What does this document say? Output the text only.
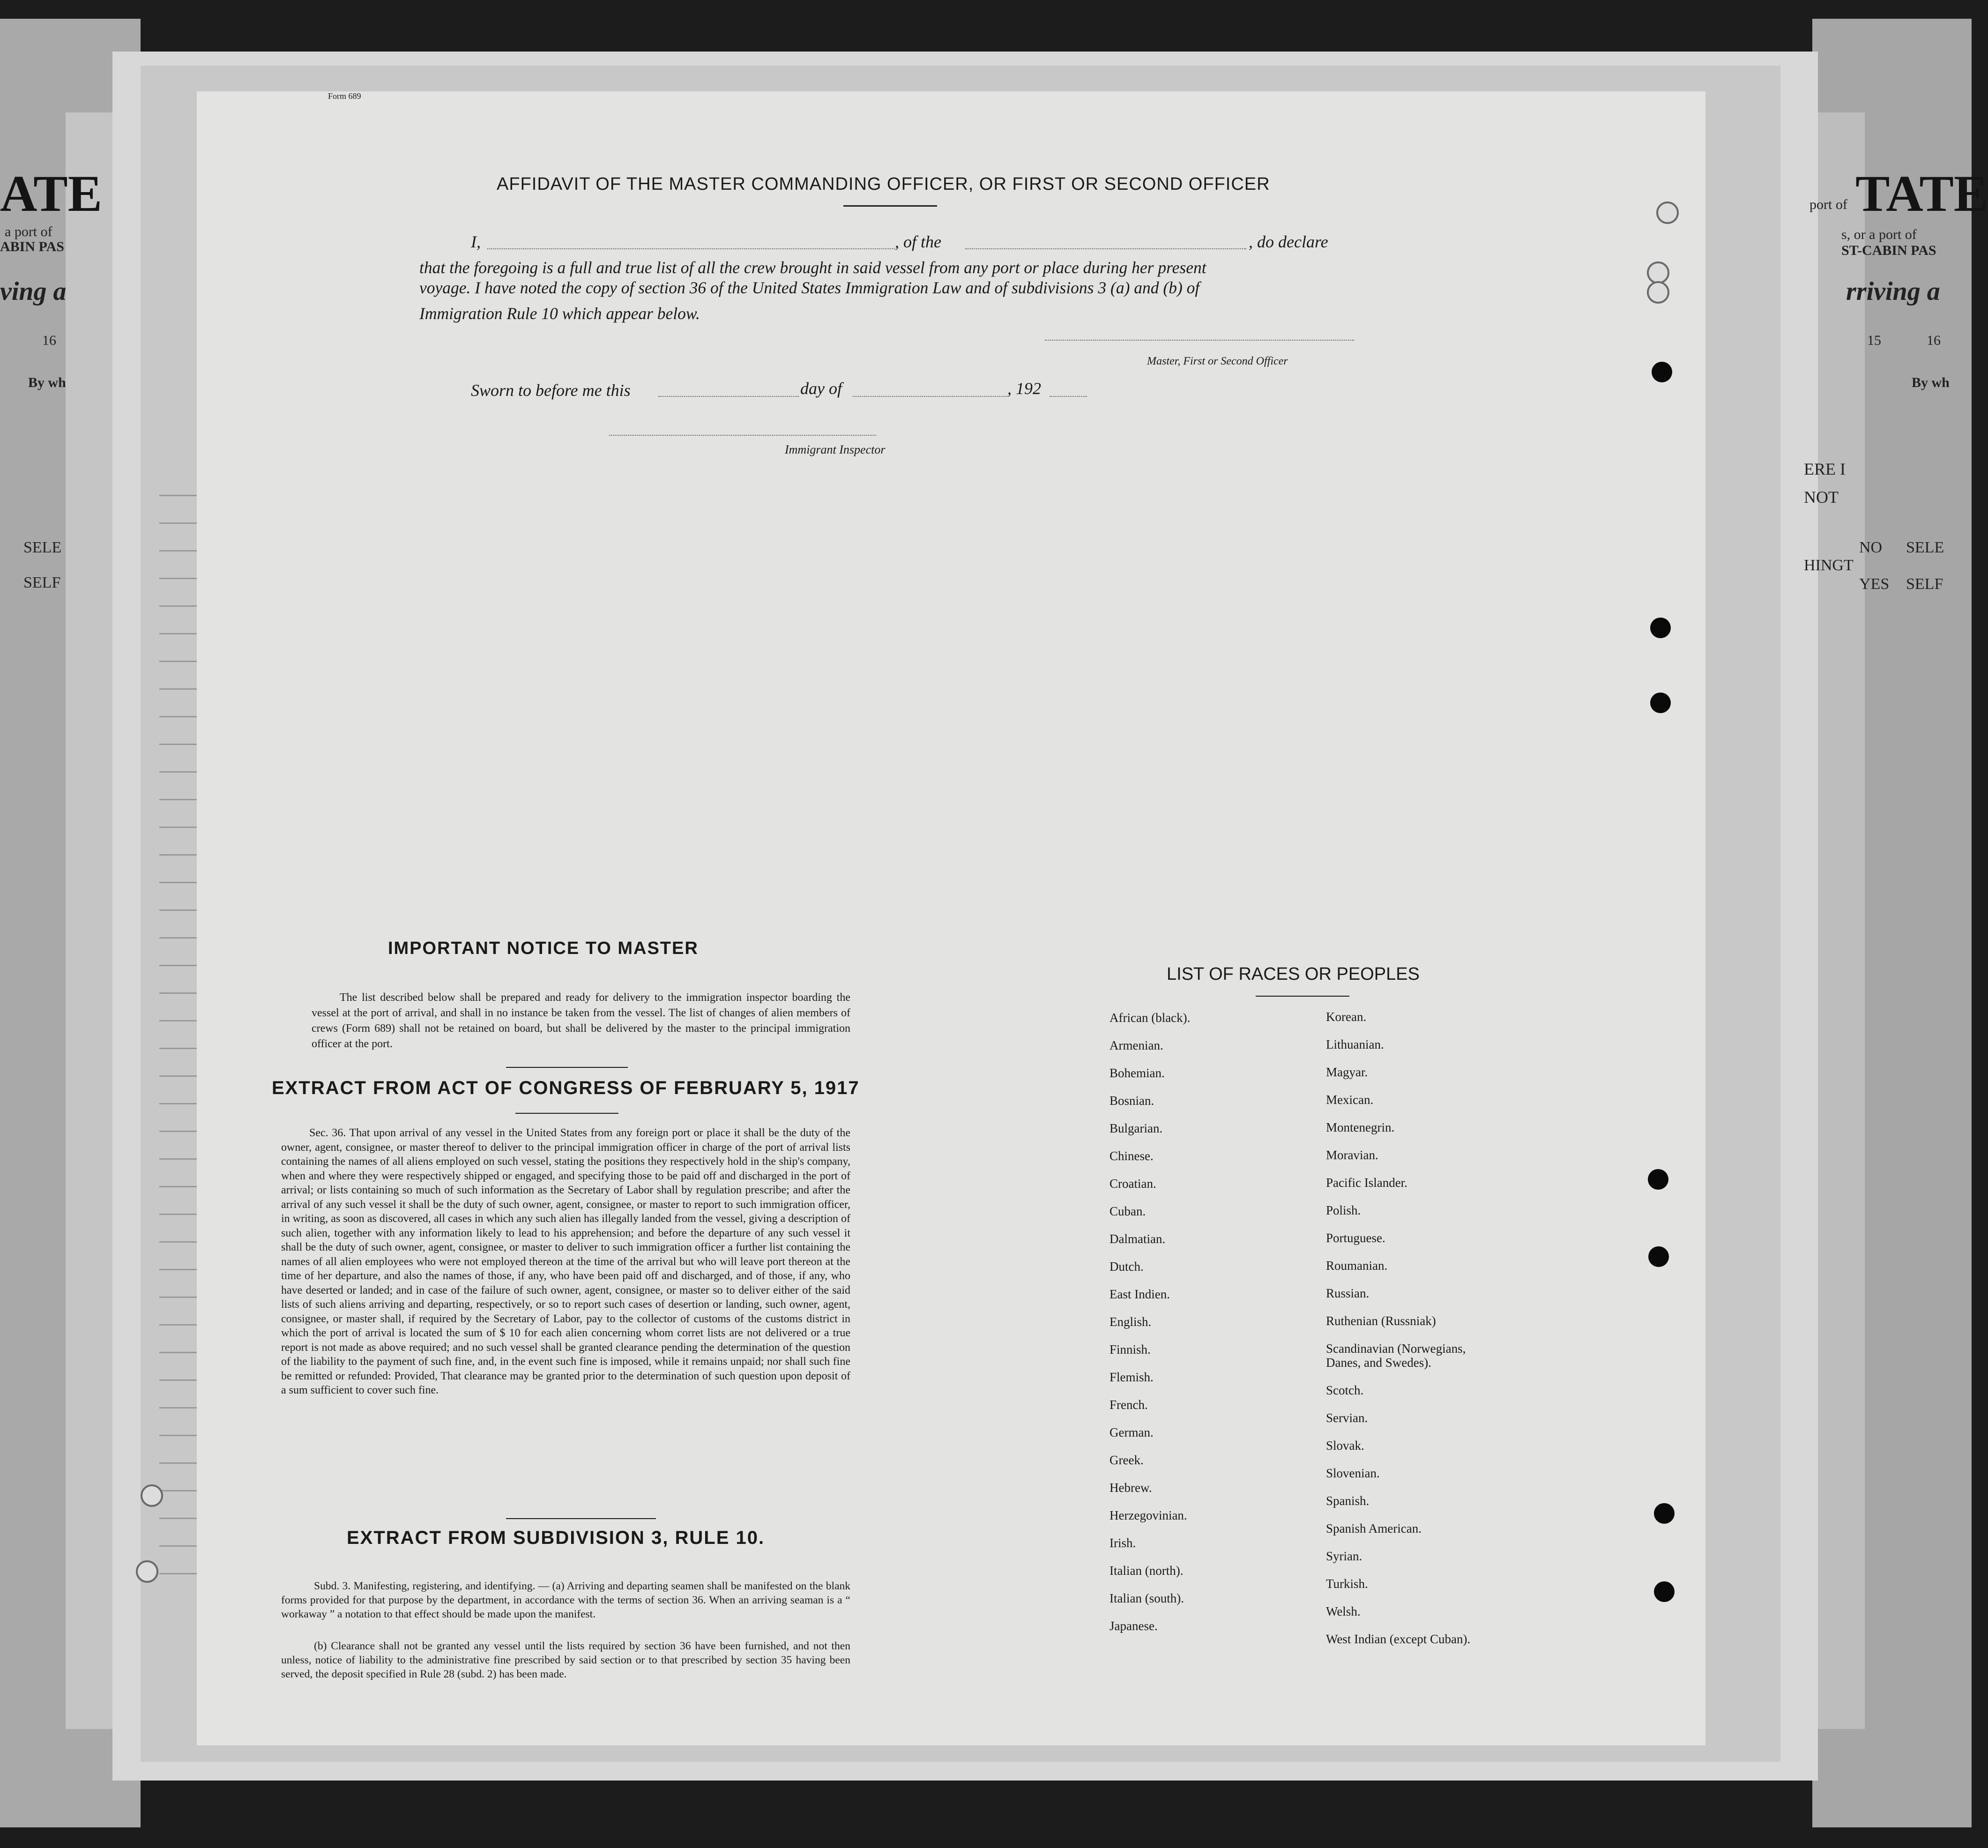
ATE
a port of
ABIN PAS
ving a
16
By wh
SELE
SELF
port of TATE
s, or a port of
ST-CABIN PAS
rriving a
15	16
By wh
ERE I
NOT
NO
YES
SELE
SELF
HINGT
Form 689
AFFIDAVIT OF THE MASTER COMMANDING OFFICER, OR FIRST OR SECOND OFFICER
I,	, of the	, do declare
that the foregoing is a full and true list of all the crew brought in said vessel from any port or place during her present
voyage. I have noted the copy of section 36 of the United States Immigration Law and of subdivisions 3 (a) and (b) of
Immigration Rule 10 which appear below.
Master, First or Second Officer
Sworn to before me this	day of	, 192
Immigrant Inspector
IMPORTANT NOTICE TO MASTER
The list described below shall be prepared and ready for delivery to the immigration inspector boarding the vessel at the port of arrival, and shall in no instance be taken from the vessel. The list of changes of alien members of crews (Form 689) shall not be retained on board, but shall be delivered by the master to the principal immigration officer at the port.
EXTRACT FROM ACT OF CONGRESS OF FEBRUARY 5, 1917
Sec. 36. That upon arrival of any vessel in the United States from any foreign port or place it shall be the duty of the owner, agent, consignee, or master thereof to deliver to the principal immigration officer in charge of the port of arrival lists containing the names of all aliens employed on such vessel, stating the positions they respectively hold in the ship's company, when and where they were respectively shipped or engaged, and specifying those to be paid off and discharged in the port of arrival; or lists containing so much of such information as the Secretary of Labor shall by regulation prescribe; and after the arrival of any such vessel it shall be the duty of such owner, agent, consignee, or master to report to such immigration officer, in writing, as soon as discovered, all cases in which any such alien has illegally landed from the vessel, giving a description of such alien, together with any information likely to lead to his apprehension; and before the departure of any such vessel it shall be the duty of such owner, agent, consignee, or master to deliver to such immigration officer a further list containing the names of all alien employees who were not employed thereon at the time of the arrival but who will leave port thereon at the time of her departure, and also the names of those, if any, who have been paid off and discharged, and of those, if any, who have deserted or landed; and in case of the failure of such owner, agent, consignee, or master so to deliver either of the said lists of such aliens arriving and departing, respectively, or so to report such cases of desertion or landing, such owner, agent, consignee, or master shall, if required by the Secretary of Labor, pay to the collector of customs of the customs district in which the port of arrival is located the sum of $ 10 for each alien concerning whom corret lists are not delivered or a true report is not made as above required; and no such vessel shall be granted clearance pending the determination of the question of the liability to the payment of such fine, and, in the event such fine is imposed, while it remains unpaid; nor shall such fine be remitted or refunded: Provided, That clearance may be granted prior to the determination of such question upon deposit of a sum sufficient to cover such fine.
EXTRACT FROM SUBDIVISION 3, RULE 10.
Subd. 3. Manifesting, registering, and identifying. — (a) Arriving and departing seamen shall be manifested on the blank forms provided for that purpose by the department, in accordance with the terms of section 36. When an arriving seaman is a “ workaway ” a notation to that effect should be made upon the manifest.
(b) Clearance shall not be granted any vessel until the lists required by section 36 have been furnished, and not then unless, notice of liability to the administrative fine prescribed by said section or to that prescribed by section 35 having been served, the deposit specified in Rule 28 (subd. 2) has been made.
LIST OF RACES OR PEOPLES
African (black).
Armenian.
Bohemian.
Bosnian.
Bulgarian.
Chinese.
Croatian.
Cuban.
Dalmatian.
Dutch.
East Indien.
English.
Finnish.
Flemish.
French.
German.
Greek.
Hebrew.
Herzegovinian.
Irish.
Italian (north).
Italian (south).
Japanese.
Korean.
Lithuanian.
Magyar.
Mexican.
Montenegrin.
Moravian.
Pacific Islander.
Polish.
Portuguese.
Roumanian.
Russian.
Ruthenian (Russniak)
Scandinavian (Norwegians,
Danes, and Swedes).
Scotch.
Servian.
Slovak.
Slovenian.
Spanish.
Spanish American.
Syrian.
Turkish.
Welsh.
West Indian (except Cuban).
